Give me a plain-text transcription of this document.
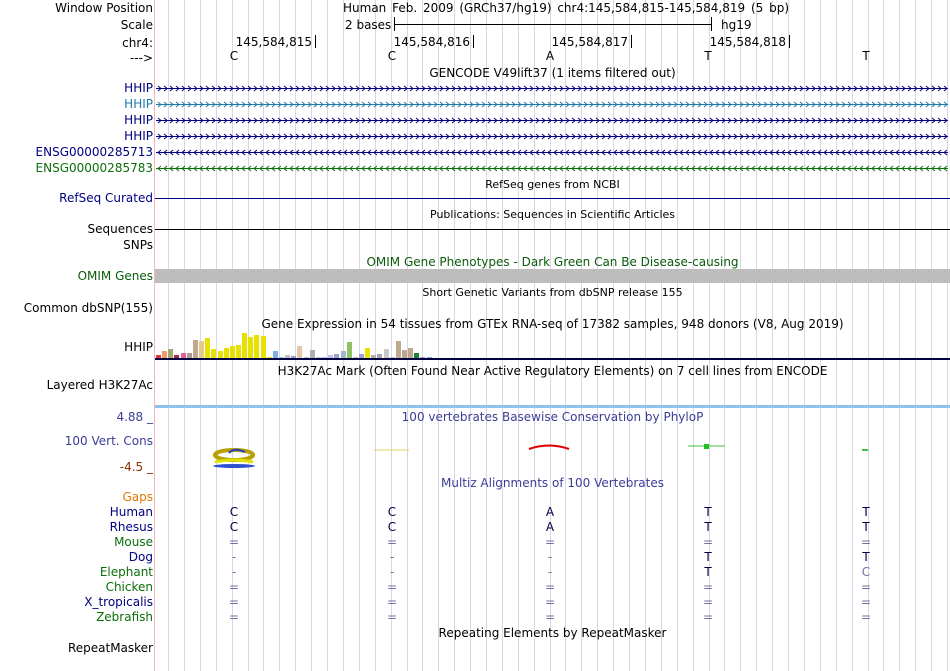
Window Position	Human Feb. 2009 (GRCh37/hg19) chr4:145,584,815-145,584,819 (5 bp)
Scale	2 bases	hg19
chr4:	145,584,815	145,584,816	145,584,817	145,584,818
--->	C	C	A	T	T
GENCODE V49lift37 (1 items filtered out)
HHIP
HHIP
HHIP
HHIP
ENSG00000285713
ENSG00000285783
RefSeq genes from NCBI
RefSeq Curated
Publications: Sequences in Scientific Articles
Sequences
SNPs
OMIM Gene Phenotypes - Dark Green Can Be Disease-causing
OMIM Genes
Short Genetic Variants from dbSNP release 155
Common dbSNP(155)
Gene Expression in 54 tissues from GTEx RNA-seq of 17382 samples, 948 donors (V8, Aug 2019)
HHIP
H3K27Ac Mark (Often Found Near Active Regulatory Elements) on 7 cell lines from ENCODE
Layered H3K27Ac
4.88 _	100 vertebrates Basewise Conservation by PhyloP
100 Vert. Cons
-4.5 _
Multiz Alignments of 100 Vertebrates
Gaps
Human	C	C	A	T	T
Rhesus	C	C	A	T	T
Mouse	=	=	=	=	=
Dog	-	-	-	T	T
Elephant	-	-	-	T	C
Chicken	=	=	=	=	=
X_tropicalis	=	=	=	=	=
Zebrafish	=	=	=	=	=
Repeating Elements by RepeatMasker
RepeatMasker
